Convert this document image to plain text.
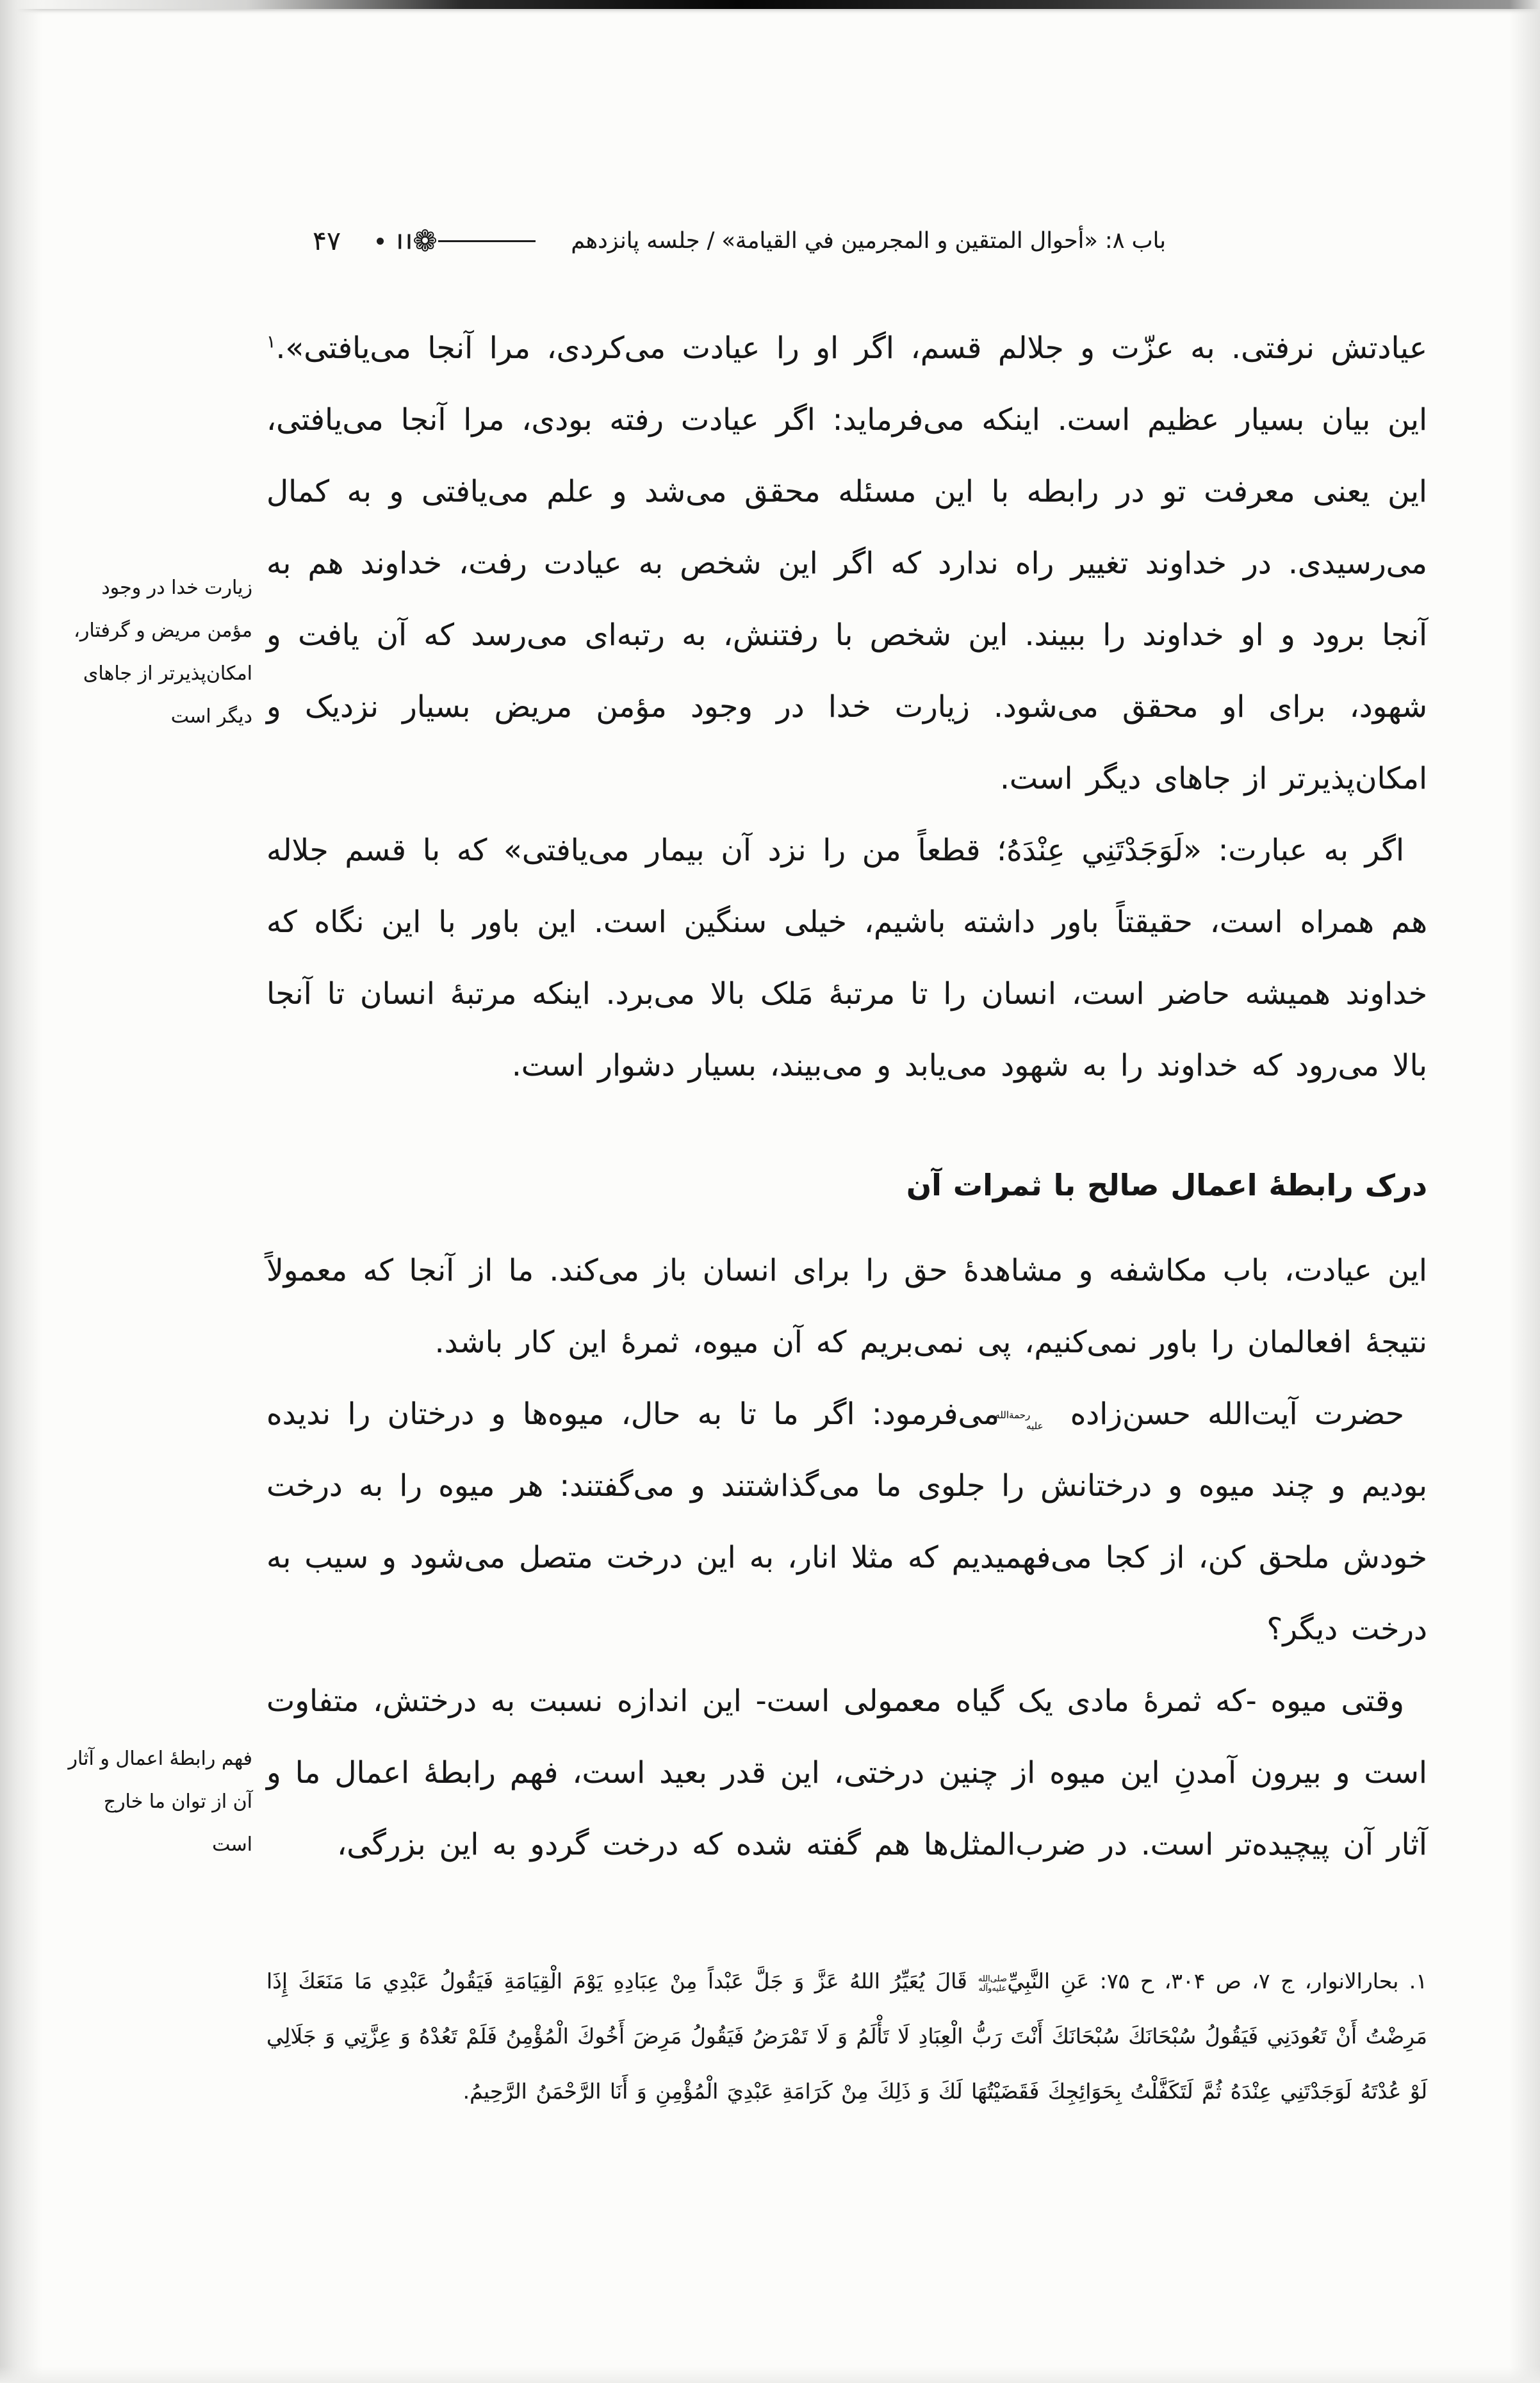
باب ۸: «أحوال المتقين و المجرمين في القيامة» / جلسه پانزدهم
❁
❙❙
۴۷

عیادتش نرفتی. به عزّت و جلالم قسم، اگر او را عیادت می‌کردی، مرا آنجا می‌یافتی».$^۱$ این بیان بسیار عظیم است. اینکه می‌فرماید: اگر عیادت رفته بودی، مرا آنجا می‌یافتی، این یعنی معرفت تو در رابطه با این مسئله محقق می‌شد و علم می‌یافتی و به کمال می‌رسیدی. در خداوند تغییر راه ندارد که اگر این شخص به عیادت رفت، خداوند هم به آنجا برود و او خداوند را ببیند. این شخص با رفتنش، به رتبه‌ای می‌رسد که آن یافت و شهود، برای او محقق می‌شود. زیارت خدا در وجود مؤمن مریض بسیار نزدیک و امکان‌پذیرتر از جاهای دیگر است.

اگر به عبارت: «لَوَجَدْتَنِي عِنْدَهُ؛ قطعاً من را نزد آن بیمار می‌یافتی» که با قسم جلاله هم همراه است، حقیقتاً باور داشته باشیم، خیلی سنگین است. این باور با این نگاه که خداوند همیشه حاضر است، انسان را تا مرتبهٔ مَلک بالا می‌برد. اینکه مرتبهٔ انسان تا آنجا بالا می‌رود که خداوند را به شهود می‌یابد و می‌بیند، بسیار دشوار است.

درک رابطهٔ اعمال صالح با ثمرات آن

این عیادت، باب مکاشفه و مشاهدهٔ حق را برای انسان باز می‌کند. ما از آنجا که معمولاً نتیجهٔ افعالمان را باور نمی‌کنیم، پی نمی‌بریم که آن میوه، ثمرهٔ این کار باشد.

حضرت آیت‌الله حسن‌زاده رحمة‌الله علیه می‌فرمود: اگر ما تا به حال، میوه‌ها و درختان را ندیده بودیم و چند میوه و درختانش را جلوی ما می‌گذاشتند و می‌گفتند: هر میوه را به درخت خودش ملحق کن، از کجا می‌فهمیدیم که مثلا انار، به این درخت متصل می‌شود و سیب به درخت دیگر؟

وقتی میوه -که ثمرهٔ مادی یک گیاه معمولی است- این اندازه نسبت به درختش، متفاوت است و بیرون آمدنِ این میوه از چنین درختی، این قدر بعید است، فهم رابطهٔ اعمال ما و آثار آن پیچیده‌تر است. در ضرب‌المثل‌ها هم گفته شده که درخت گردو به این بزرگی،

زیارت خدا در وجود مؤمن مریض و گرفتار، امکان‌پذیرتر از جاهای دیگر است
فهم رابطهٔ اعمال و آثار آن از توان ما خارج است
۱. بحارالانوار، ج ۷، ص ۳۰۴، ح ۷۵: عَنِ النَّبِيِّصلی‌الله علیه‌وآله قَالَ يُعَيِّرُ اللهُ عَزَّ وَ جَلَّ عَبْداً مِنْ عِبَادِهِ يَوْمَ الْقِيَامَةِ فَيَقُولُ عَبْدِي مَا مَنَعَكَ إِذَا مَرِضْتُ أَنْ تَعُودَنِي فَيَقُولُ سُبْحَانَكَ سُبْحَانَكَ أَنْتَ رَبُّ الْعِبَادِ لَا تَأْلَمُ وَ لَا تَمْرَضُ فَيَقُولُ مَرِضَ أَخُوكَ الْمُؤْمِنُ فَلَمْ تَعُدْهُ وَ عِزَّتِي وَ جَلَالِي لَوْ عُدْتَهُ لَوَجَدْتَنِي عِنْدَهُ ثُمَّ لَتَكَفَّلْتُ بِحَوَائِجِكَ فَقَضَيْتُهَا لَكَ وَ ذَلِكَ مِنْ كَرَامَةِ عَبْدِيَ الْمُؤْمِنِ وَ أَنَا الرَّحْمَنُ الرَّحِيمُ.
